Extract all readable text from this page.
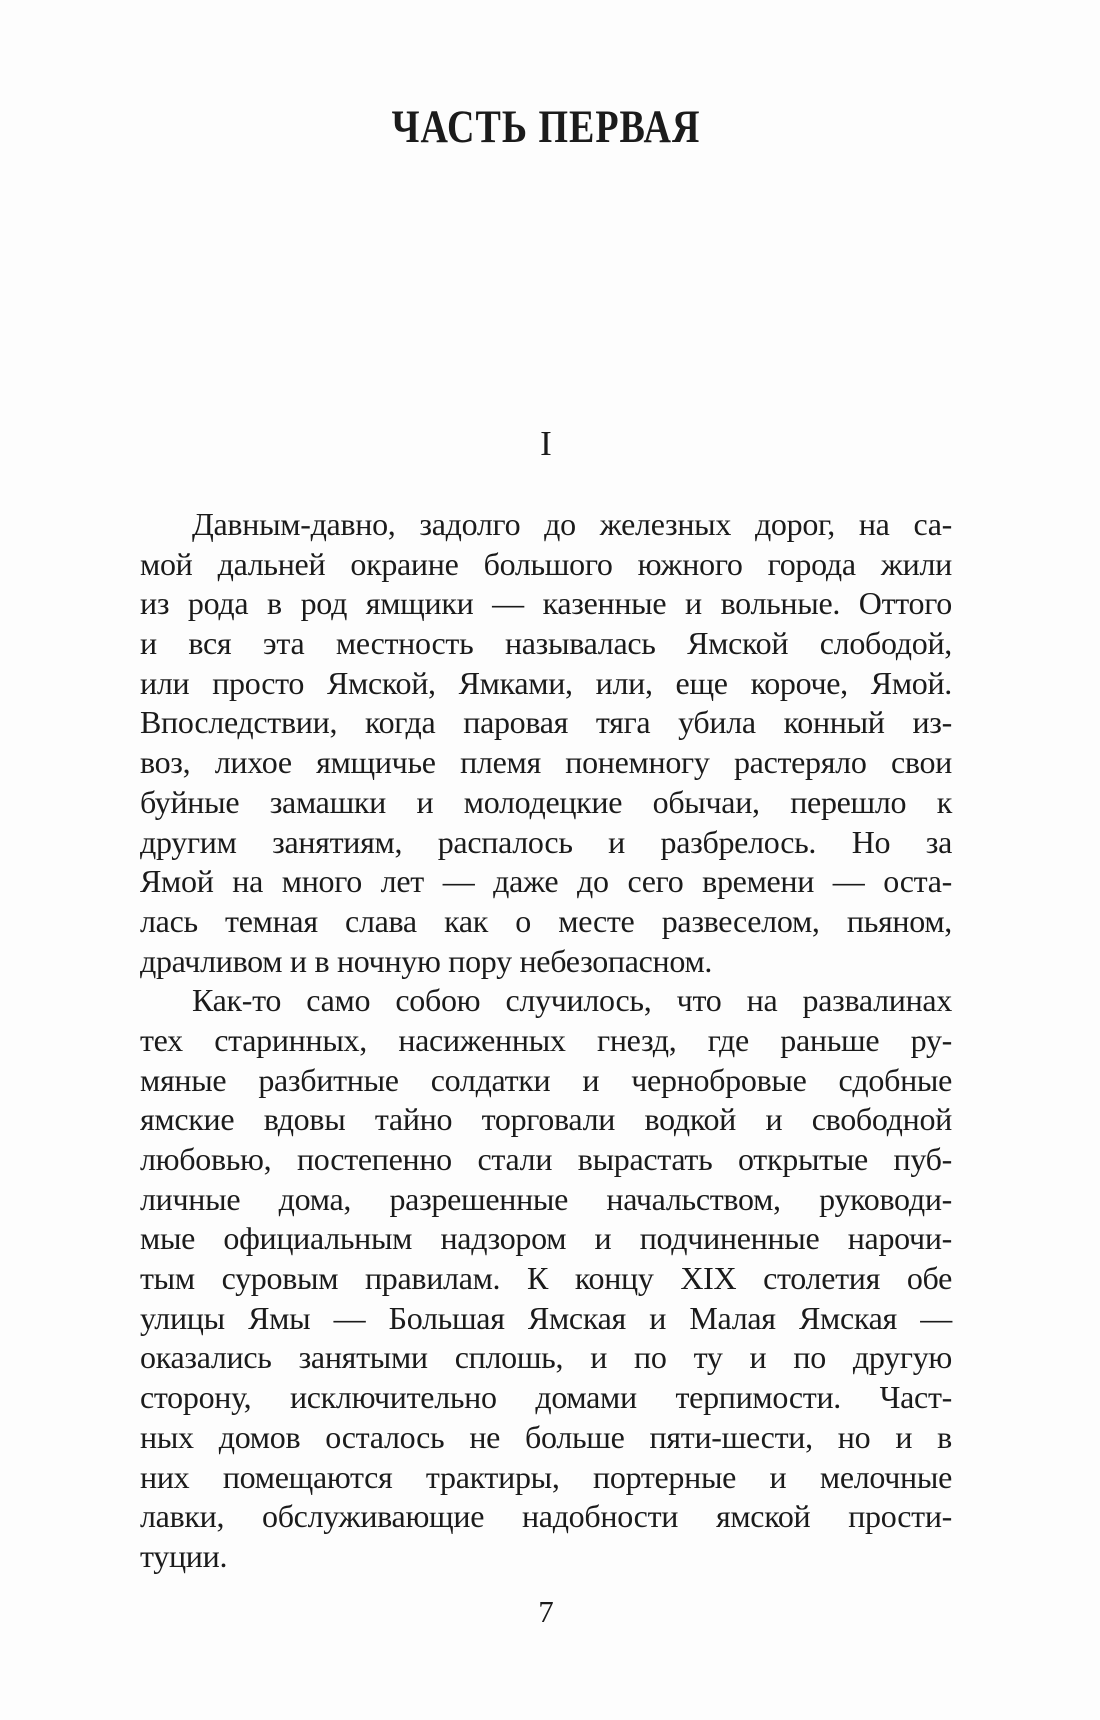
ЧАСТЬ ПЕРВАЯ
I
Давным-давно, задолго до железных дорог, на са-
мой дальней окраине большого южного города жили
из рода в род ямщики — казенные и вольные. Оттого
и вся эта местность называлась Ямской слободой,
или просто Ямской, Ямками, или, еще короче, Ямой.
Впоследствии, когда паровая тяга убила конный из-
воз, лихое ямщичье племя понемногу растеряло свои
буйные замашки и молодецкие обычаи, перешло к
другим занятиям, распалось и разбрелось. Но за
Ямой на много лет — даже до сего времени — оста-
лась темная слава как о месте развеселом, пьяном,
драчливом и в ночную пору небезопасном.
Как-то само собою случилось, что на развалинах
тех старинных, насиженных гнезд, где раньше ру-
мяные разбитные солдатки и чернобровые сдобные
ямские вдовы тайно торговали водкой и свободной
любовью, постепенно стали вырастать открытые пуб-
личные дома, разрешенные начальством, руководи-
мые официальным надзором и подчиненные нарочи-
тым суровым правилам. К концу XIX столетия обе
улицы Ямы — Большая Ямская и Малая Ямская —
оказались занятыми сплошь, и по ту и по другую
сторону, исключительно домами терпимости. Част-
ных домов осталось не больше пяти-шести, но и в
них помещаются трактиры, портерные и мелочные
лавки, обслуживающие надобности ямской прости-
туции.
7
